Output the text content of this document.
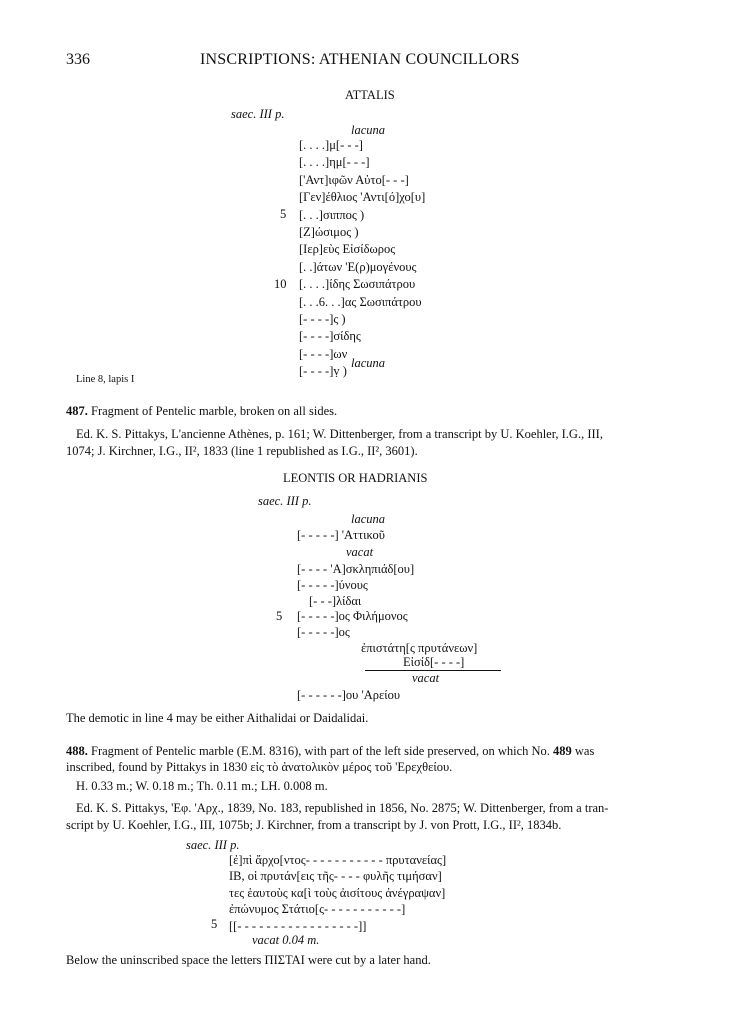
336	INSCRIPTIONS: ATHENIAN COUNCILLORS
ATTALIS
saec. III p.
lacuna
[. . . .]μ[- - -]
[. . . .]ημ[- - -]
['Αντ]ιφῶν Αὐτο[- - -]
[Γεν]έθλιος 'Αντι[ό]χο[υ]
[. . .]σιππος )
[Ζ]ώσιμος )
[Ιερ]εὺς Εἰσίδωρος
[. .]άτων 'Ε(ρ)μογένους
[. . . .]ίδης Σωσιπάτρου
[. . .6. . .]ας Σωσιπάτρου
[- - - -]ς )
[- - - -]σίδης
[- - - -]ων
[- - - -]ṿ )
5
10
lacuna
Line 8, lapis I
487. Fragment of Pentelic marble, broken on all sides.
Ed. K. S. Pittakys, L'ancienne Athènes, p. 161; W. Dittenberger, from a transcript by U. Koehler, I.G., III,
1074; J. Kirchner, I.G., II², 1833 (line 1 republished as I.G., II², 3601).
LEONTIS OR HADRIANIS
saec. III p.
lacuna
[- - - - -] 'Αττικοῦ
vacat
[- - - - 'Α]σκληπιάδ[ου]
[- - - - -]ύνους
[- - -]λίδαι
5 [- - - - -]ος Φιλήμονος
[- - - - -]ος
ἐπιστάτη[ς πρυτάνεων]
Εἰσίδ[- - - -]
vacat
[- - - - - -]ου 'Αρείου
The demotic in line 4 may be either Aithalidai or Daidalidai.
488. Fragment of Pentelic marble (E.M. 8316), with part of the left side preserved, on which No. 489 was
inscribed, found by Pittakys in 1830 εἰς τὸ ἀνατολικὸν μέρος τοῦ 'Ερεχθείου.
H. 0.33 m.; W. 0.18 m.; Th. 0.11 m.; LH. 0.008 m.
Ed. K. S. Pittakys, 'Εφ. 'Αρχ., 1839, No. 183, republished in 1856, No. 2875; W. Dittenberger, from a tran-
script by U. Koehler, I.G., III, 1075b; J. Kirchner, from a transcript by J. von Prott, I.G., II², 1834b.
saec. III p.
[ἐ]πὶ ἄρχο[ντος- - - - - - - - - - - πρυτανείας]
ΙΒ, οἱ πρυτάν[εις τῆς- - - - φυλῆς τιμήσαν]
τες ἑαυτοὺς κα[ὶ τοὺς ἀισίτους ἀνέγραψαν]
ἐπώνυμος Στάτιο[ς- - - - - - - - - - -]
[[- - - - - - - - - - - - - - - - -]]
5
vacat 0.04 m.
Below the uninscribed space the letters ΠΙΣΤΑΙ were cut by a later hand.
